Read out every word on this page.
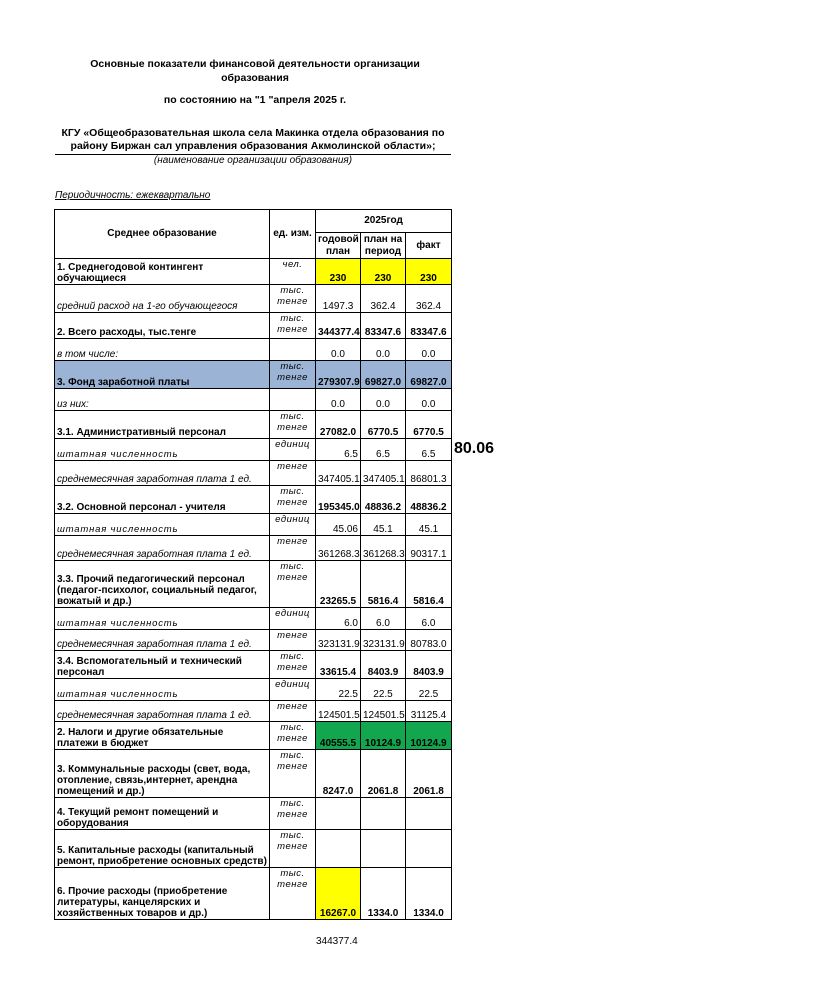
Основные показатели финансовой деятельности организации
образования
по состоянию на "1 "апреля 2025 г.
КГУ «Общеобразовательная школа села Макинка отдела образования по
району Биржан сал управления образования Акмолинской области»;
(наименование организации образования)
Периодичность: ежеквартально
Среднее образование	ед. изм.	2025год		
		годовой план	план на период	факт
1. Среднегодовой контингент обучающиеся	чел.	230	230	230
средний расход на 1-го обучающегося	тыс. тенге	1497.3	362.4	362.4
2. Всего расходы, тыс.тенге	тыс. тенге	344377.4	83347.6	83347.6
в том числе:		0.0	0.0	0.0
3. Фонд заработной платы	тыс. тенге	279307.9	69827.0	69827.0
из них:		0.0	0.0	0.0
3.1. Административный персонал	тыс. тенге	27082.0	6770.5	6770.5
штатная численность	единиц	6.5	6.5	6.5
среднемесячная заработная плата 1 ед.	тенге	347405.1	347405.1	86801.3
3.2. Основной персонал - учителя	тыс. тенге	195345.0	48836.2	48836.2
штатная численность	единиц	45.06	45.1	45.1
среднемесячная заработная плата 1 ед.	тенге	361268.3	361268.3	90317.1
3.3. Прочий педагогический персонал (педагог-психолог, социальный педагог, вожатый и др.)	тыс. тенге	23265.5	5816.4	5816.4
штатная численность	единиц	6.0	6.0	6.0
среднемесячная заработная плата 1 ед.	тенге	323131.9	323131.9	80783.0
3.4. Вспомогательный и технический персонал	тыс. тенге	33615.4	8403.9	8403.9
штатная численность	единиц	22.5	22.5	22.5
среднемесячная заработная плата 1 ед.	тенге	124501.5	124501.5	31125.4
2. Налоги и другие обязательные платежи в бюджет	тыс. тенге	40555.5	10124.9	10124.9
3. Коммунальные расходы (свет, вода, отопление, связь,интернет, арендна помещений и др.)	тыс. тенге	8247.0	2061.8	2061.8
4. Текущий ремонт помещений и оборудования	тыс. тенге			
5. Капитальные расходы (капитальный ремонт, приобретение основных средств)	тыс. тенге			
6. Прочие расходы (приобретение литературы, канцелярских и хозяйственных товаров и др.)	тыс. тенге	16267.0	1334.0	1334.0
80.06
344377.4
